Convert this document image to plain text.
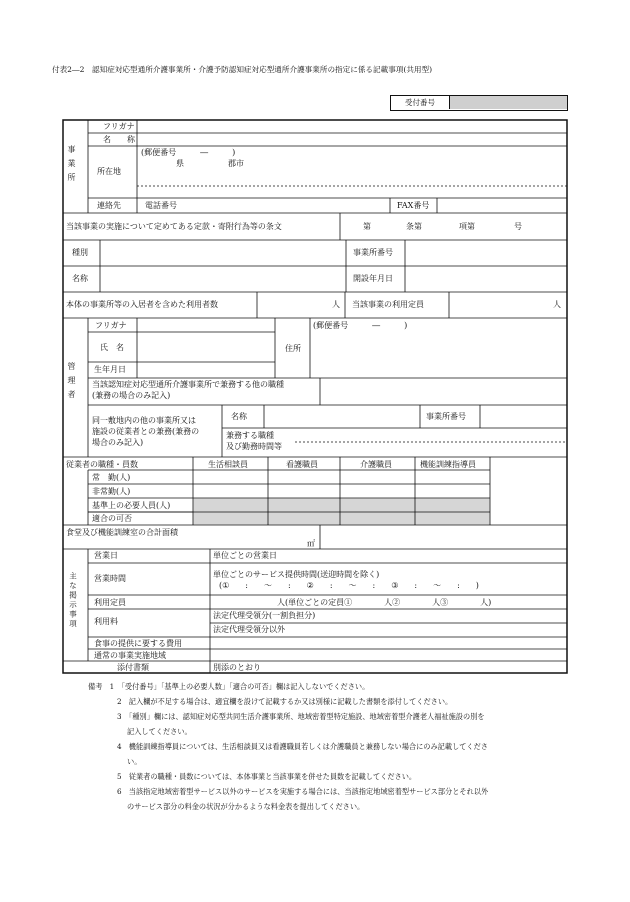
付表2―2　認知症対応型通所介護事業所・介護予防認知症対応型通所介護事業所の指定に係る記載事項(共用型)
受付番号
事業所
フリガナ
名　　称
所在地
(郵便番号　　　―　　　)
県	郡市
連絡先	電話番号	FAX番号
当該事業の実施について定めてある定款・寄附行為等の条文	第	条第	項第	号
種別	事業所番号
名称	開設年月日
本体の事業所等の入居者を含めた利用者数	人 当該事業の利用定員	人
管理者
フリガナ
氏　名	住所
(郵便番号　　　―　　　)
生年月日
当該認知症対応型通所介護事業所で兼務する他の職種
(兼務の場合のみ記入)
同一敷地内の他の事業所又は
施設の従業者との兼務(兼務の
場合のみ記入)
名称	事業所番号
兼務する職種
及び勤務時間等
従業者の職種・員数	生活相談員	看護職員	介護職員	機能訓練指導員
常　勤(人)
非常勤(人)
基準上の必要人員(人)
適合の可否
食堂及び機能訓練室の合計面積
㎡
主な掲示事項
営業日	単位ごとの営業日
営業時間	単位ごとのサービス提供時間(送迎時間を除く)
(①　　:　　〜　　:　　②　　:　　〜　　:　　③　　:　　〜　　:　　)
利用定員	人(単位ごとの定員①　　　　人②　　　　人③　　　　人)
利用料
法定代理受領分(一割負担分)
法定代理受領分以外
食事の提供に要する費用
通常の事業実施地域
添付書類	別添のとおり
備考　1　「受付番号」「基準上の必要人数」「適合の可否」欄は記入しないでください。
2　記入欄が不足する場合は、適宜欄を設けて記載するか又は別様に記載した書類を添付してください。
3　「種別」欄には、認知症対応型共同生活介護事業所、地域密着型特定施設、地域密着型介護老人福祉施設の別を
記入してください。
4　機能訓練指導員については、生活相談員又は看護職員若しくは介護職員と兼務しない場合にのみ記載してくださ
い。
5　従業者の職種・員数については、本体事業と当該事業を併せた員数を記載してください。
6　当該指定地域密着型サービス以外のサービスを実施する場合には、当該指定地域密着型サービス部分とそれ以外
のサービス部分の料金の状況が分かるような料金表を提出してください。
